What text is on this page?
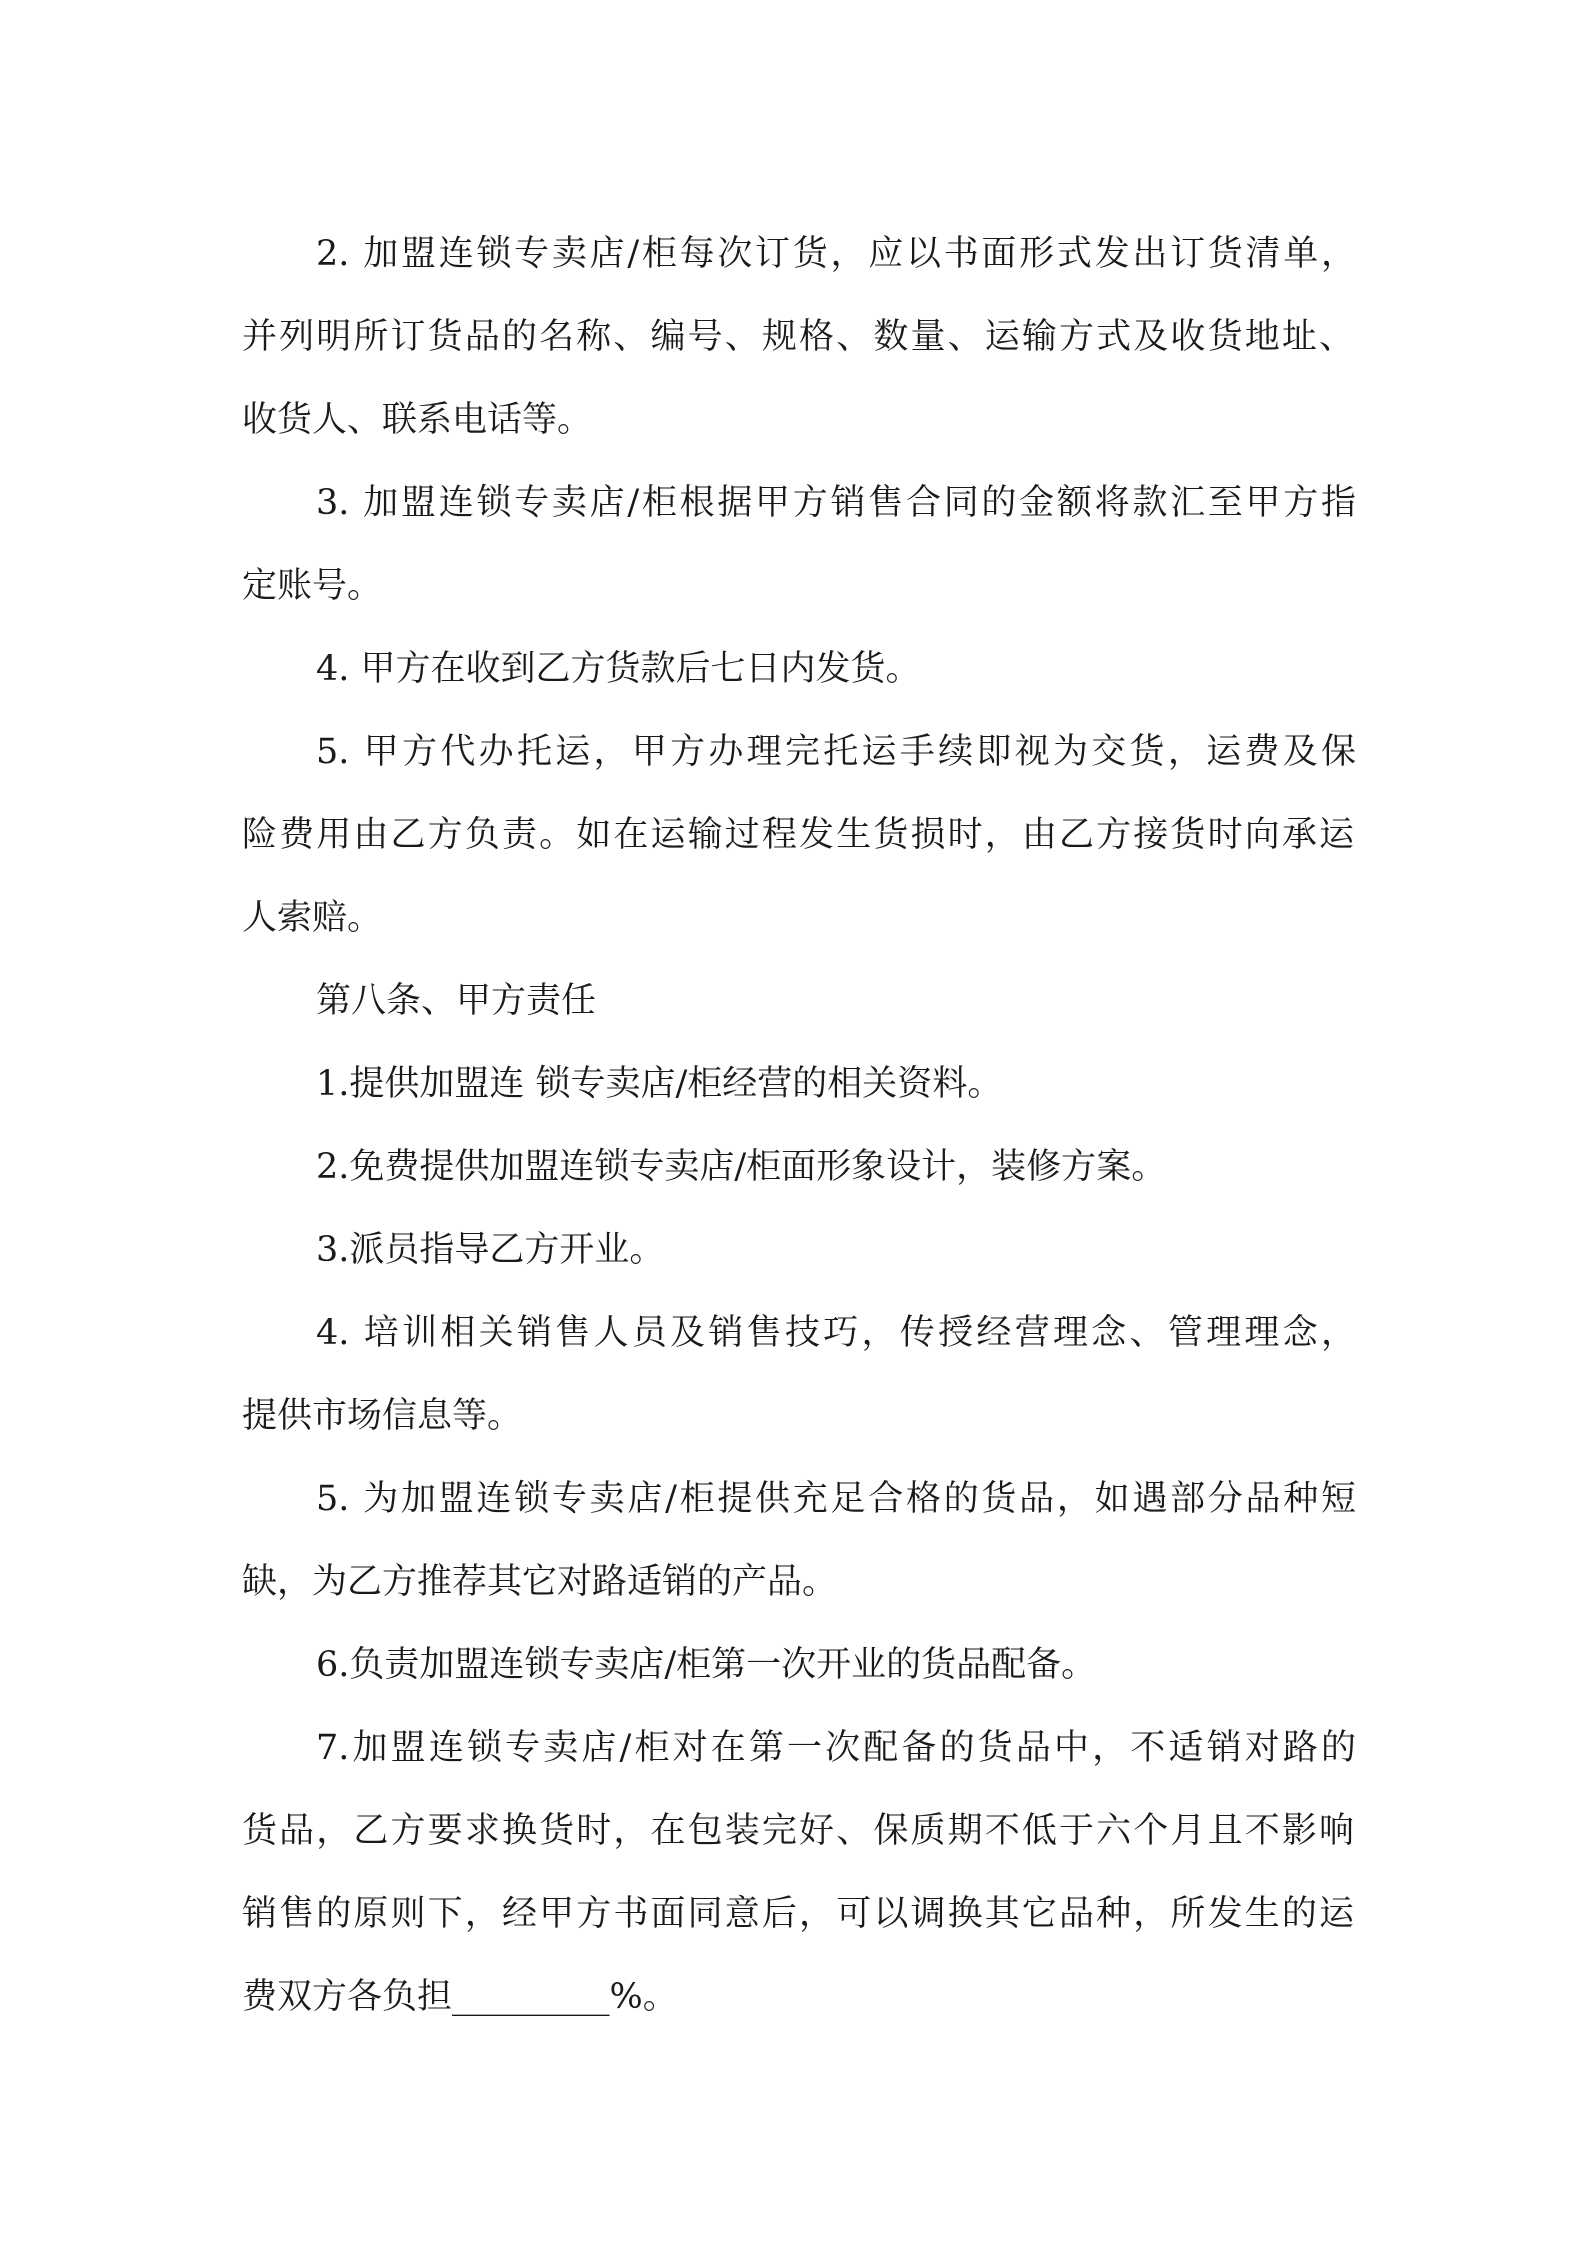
2. 加盟连锁专卖店/柜每次订货，应以书面形式发出订货清单，
并列明所订货品的名称、编号、规格、数量、运输方式及收货地址、
收货人、联系电话等。
3. 加盟连锁专卖店/柜根据甲方销售合同的金额将款汇至甲方指
定账号。
4. 甲方在收到乙方货款后七日内发货。
5. 甲方代办托运，甲方办理完托运手续即视为交货，运费及保
险费用由乙方负责。如在运输过程发生货损时，由乙方接货时向承运
人索赔。
第八条、甲方责任
1.提供加盟连 锁专卖店/柜经营的相关资料。
2.免费提供加盟连锁专卖店/柜面形象设计，装修方案。
3.派员指导乙方开业。
4. 培训相关销售人员及销售技巧，传授经营理念、管理理念，
提供市场信息等。
5. 为加盟连锁专卖店/柜提供充足合格的货品，如遇部分品种短
缺，为乙方推荐其它对路适销的产品。
6.负责加盟连锁专卖店/柜第一次开业的货品配备。
7.加盟连锁专卖店/柜对在第一次配备的货品中，不适销对路的
货品，乙方要求换货时，在包装完好、保质期不低于六个月且不影响
销售的原则下，经甲方书面同意后，可以调换其它品种，所发生的运
费双方各负担_________%。
